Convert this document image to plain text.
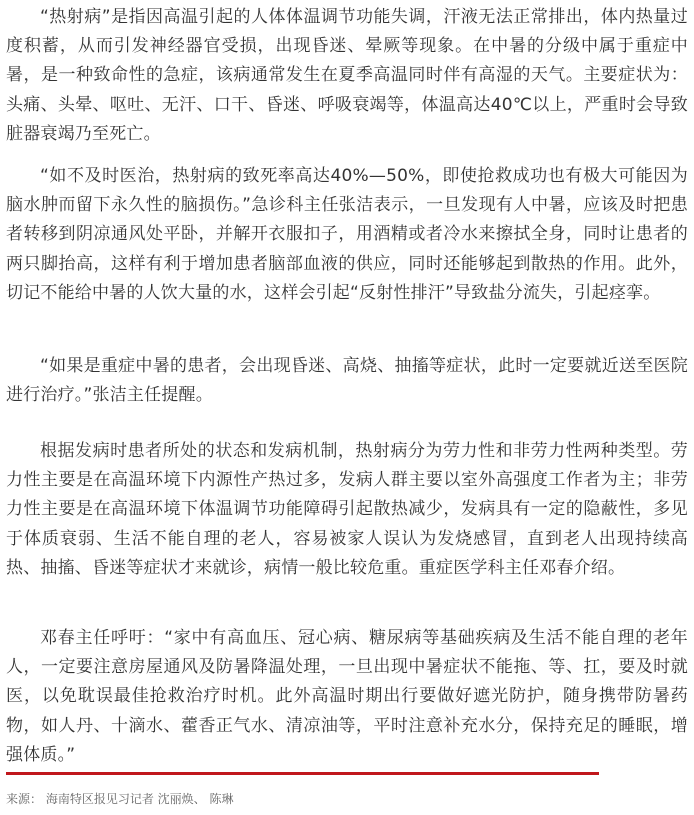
“热射病”是指因高温引起的人体体温调节功能失调，汗液无法正常排出，体内热量过度积蓄，从而引发神经器官受损，出现昏迷、晕厥等现象。在中暑的分级中属于重症中暑，是一种致命性的急症，该病通常发生在夏季高温同时伴有高湿的天气。主要症状为：头痛、头晕、呕吐、无汗、口干、昏迷、呼吸衰竭等，体温高达40℃以上，严重时会导致脏器衰竭乃至死亡。

“如不及时医治，热射病的致死率高达40%—50%，即使抢救成功也有极大可能因为脑水肿而留下永久性的脑损伤。”急诊科主任张洁表示，一旦发现有人中暑，应该及时把患者转移到阴凉通风处平卧，并解开衣服扣子，用酒精或者冷水来擦拭全身，同时让患者的两只脚抬高，这样有利于增加患者脑部血液的供应，同时还能够起到散热的作用。此外，切记不能给中暑的人饮大量的水，这样会引起“反射性排汗”导致盐分流失，引起痉挛。

“如果是重症中暑的患者，会出现昏迷、高烧、抽搐等症状，此时一定要就近送至医院进行治疗。”张洁主任提醒。

根据发病时患者所处的状态和发病机制，热射病分为劳力性和非劳力性两种类型。劳力性主要是在高温环境下内源性产热过多，发病人群主要以室外高强度工作者为主；非劳力性主要是在高温环境下体温调节功能障碍引起散热减少，发病具有一定的隐蔽性，多见于体质衰弱、生活不能自理的老人，容易被家人误认为发烧感冒，直到老人出现持续高热、抽搐、昏迷等症状才来就诊，病情一般比较危重。重症医学科主任邓春介绍。

邓春主任呼吁：“家中有高血压、冠心病、糖尿病等基础疾病及生活不能自理的老年人，一定要注意房屋通风及防暑降温处理，一旦出现中暑症状不能拖、等、扛，要及时就医，以免耽误最佳抢救治疗时机。此外高温时期出行要做好遮光防护，随身携带防暑药物，如人丹、十滴水、藿香正气水、清凉油等，平时注意补充水分，保持充足的睡眠，增强体质。”

来源： 海南特区报见习记者 沈丽焕、 陈琳
